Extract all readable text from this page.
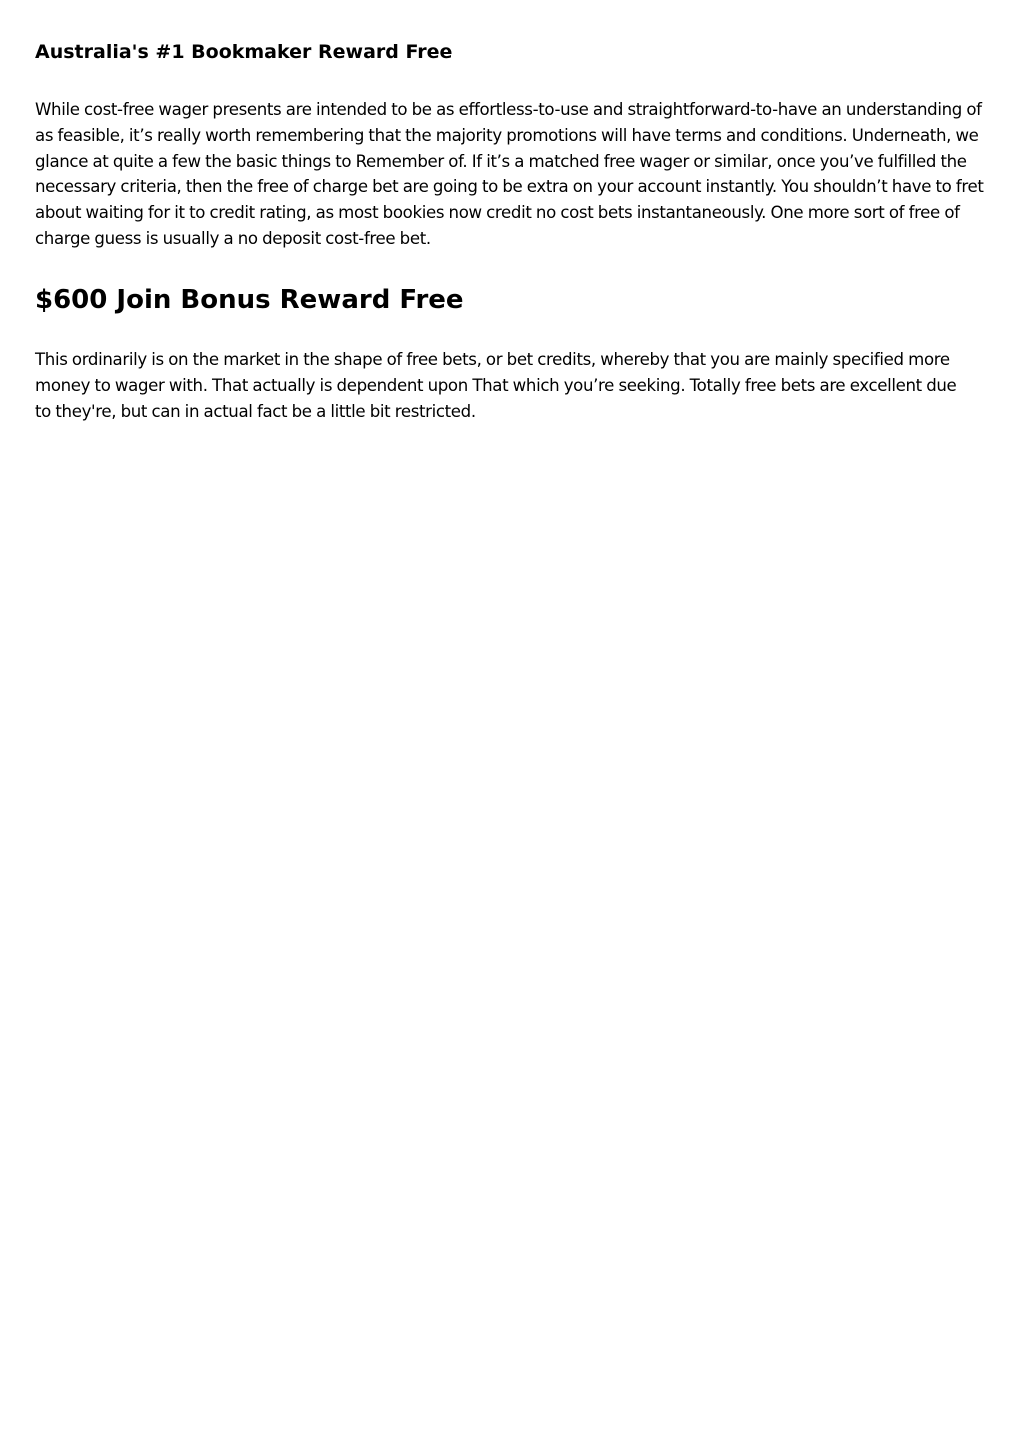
Australia's #1 Bookmaker Reward Free

While cost-free wager presents are intended to be as effortless-to-use and straightforward-to-have an understanding of as feasible, it’s really worth remembering that the majority promotions will have terms and conditions. Underneath, we glance at quite a few the basic things to Remember of. If it’s a matched free wager or similar, once you’ve fulfilled the necessary criteria, then the free of charge bet are going to be extra on your account instantly. You shouldn’t have to fret about waiting for it to credit rating, as most bookies now credit no cost bets instantaneously. One more sort of free of charge guess is usually a no deposit cost-free bet.

$600 Join Bonus Reward Free

This ordinarily is on the market in the shape of free bets, or bet credits, whereby that you are mainly specified more money to wager with. That actually is dependent upon That which you’re seeking. Totally free bets are excellent due to they're, but can in actual fact be a little bit restricted.
